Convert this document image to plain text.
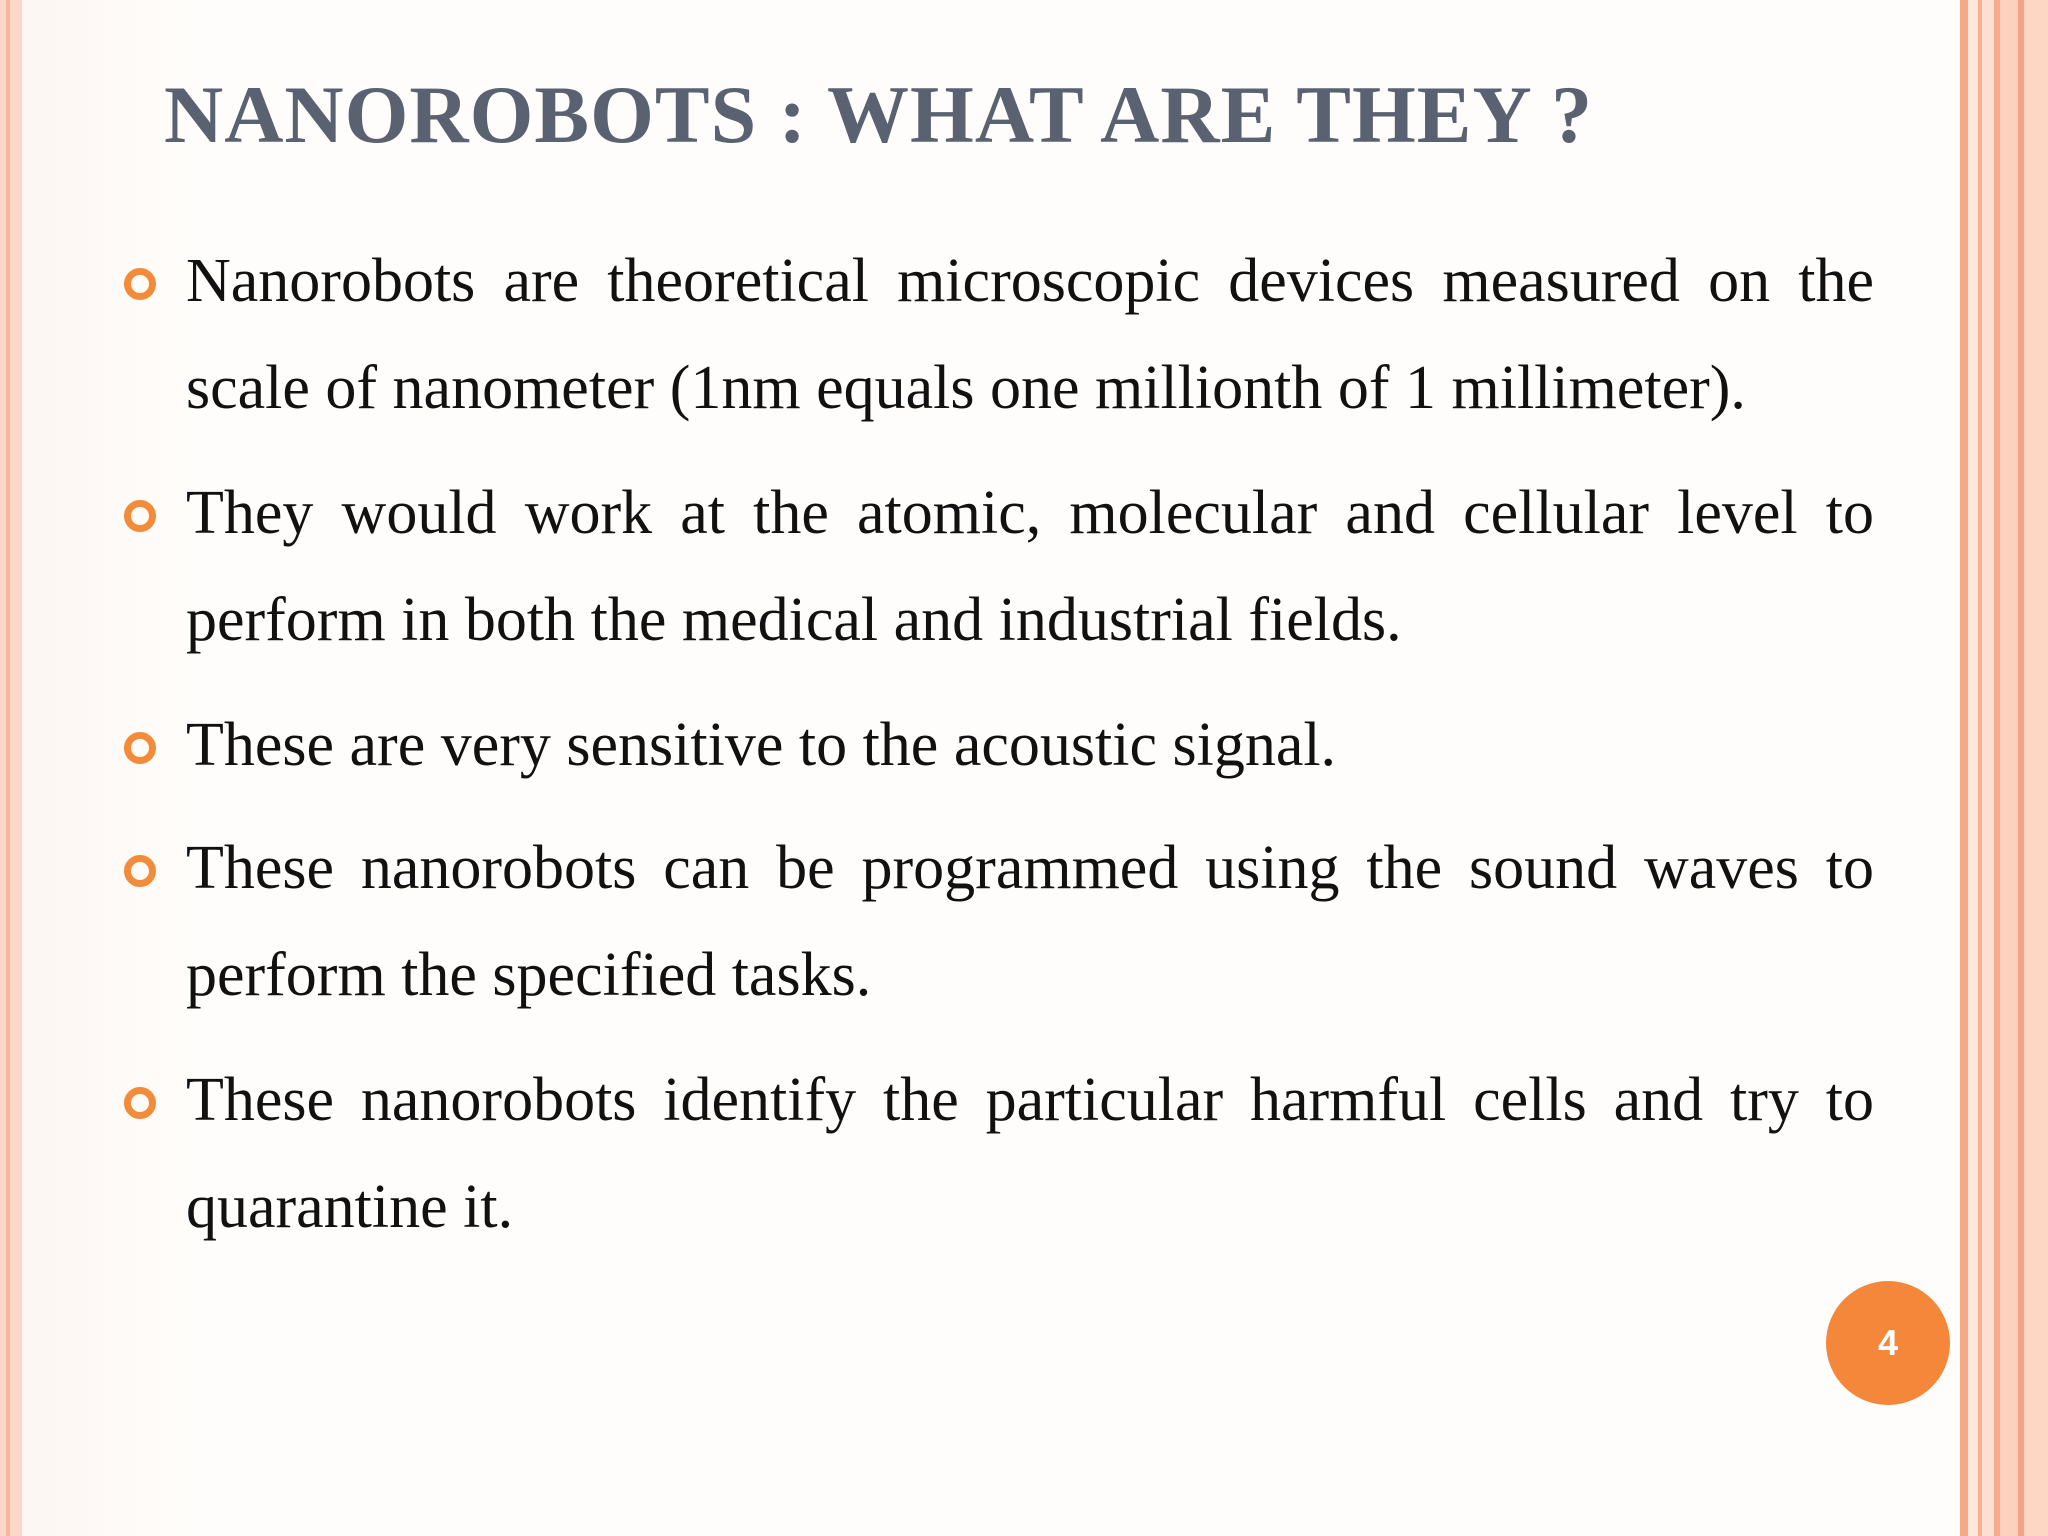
NANOROBOTS : WHAT ARE THEY ?
Nanorobots are theoretical microscopic devices measured on the scale of nanometer (1nm equals one millionth of 1 millimeter).
They would work at the atomic, molecular and cellular level to perform in both the medical and industrial fields.
These are very sensitive to the acoustic signal.
These nanorobots can be programmed using the sound waves to perform the specified tasks.
These nanorobots identify the particular harmful cells and try to quarantine it.
4
